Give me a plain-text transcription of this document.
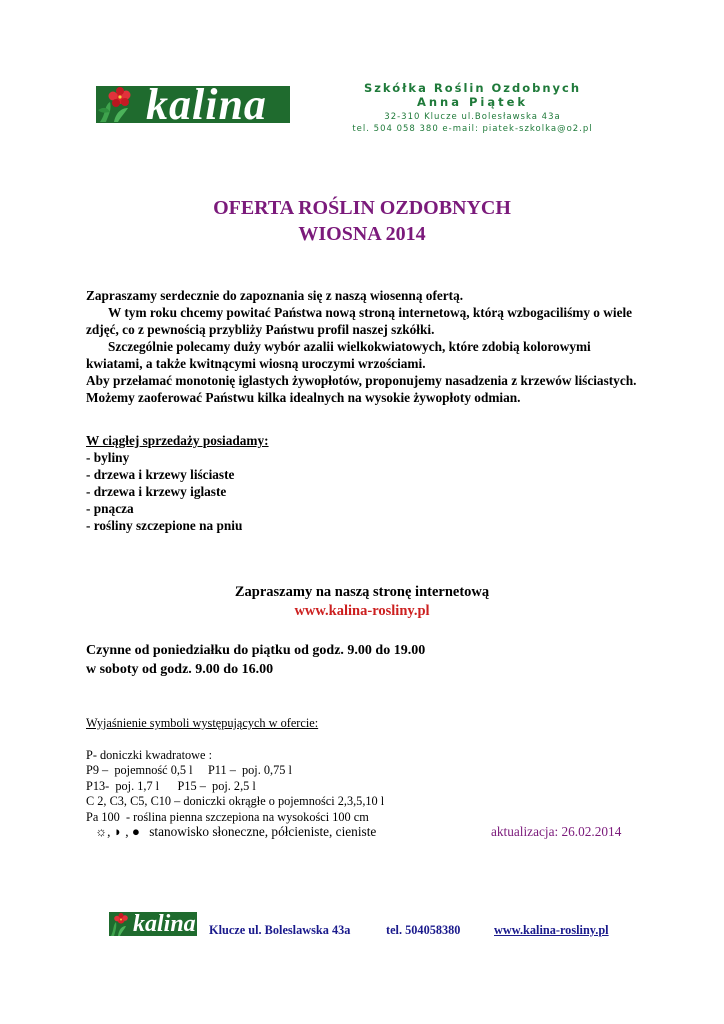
kalina	Szkółka Roślin Ozdobnych
Anna Piątek
32-310 Klucze ul.Bolesławska 43a
tel. 504 058 380 e-mail: piatek-szkolka@o2.pl
OFERTA ROŚLIN OZDOBNYCH
WIOSNA 2014

Zapraszamy serdecznie do zapoznania się z naszą wiosenną ofertą.

W tym roku chcemy powitać Państwa nową stroną internetową, którą wzbogaciliśmy o wiele zdjęć, co z pewnością przybliży Państwu profil naszej szkółki.

Szczególnie polecamy duży wybór azalii wielkokwiatowych, które zdobią kolorowymi kwiatami, a także kwitnącymi wiosną uroczymi wrzościami.

Aby przełamać monotonię iglastych żywopłotów, proponujemy nasadzenia z krzewów liściastych. Możemy zaoferować Państwu kilka idealnych na wysokie żywopłoty odmian.

W ciągłej sprzedaży posiadamy:
- byliny
- drzewa i krzewy liściaste
- drzewa i krzewy iglaste
- pnącza
- rośliny szczepione na pniu
Zapraszamy na naszą stronę internetową
www.kalina-rosliny.pl
Czynne od poniedziałku do piątku od godz. 9.00 do 19.00
w soboty od godz. 9.00 do 16.00
Wyjaśnienie symboli występujących w ofercie:
P- doniczki kwadratowe :
P9 –  pojemność 0,5 l     P11 –  poj. 0,75 l
P13-  poj. 1,7 l      P15 –  poj. 2,5 l
C 2, C3, C5, C10 – doniczki okrągłe o pojemności 2,3,5,10 l
Pa 100  - roślina pienna szczepiona na wysokości 100 cm
☼, ◗ , ● stanowisko słoneczne, półcieniste, cieniste	aktualizacja: 26.02.2014
kalina Klucze ul. Boleslawska 43a	tel. 504058380	www.kalina-rosliny.pl
